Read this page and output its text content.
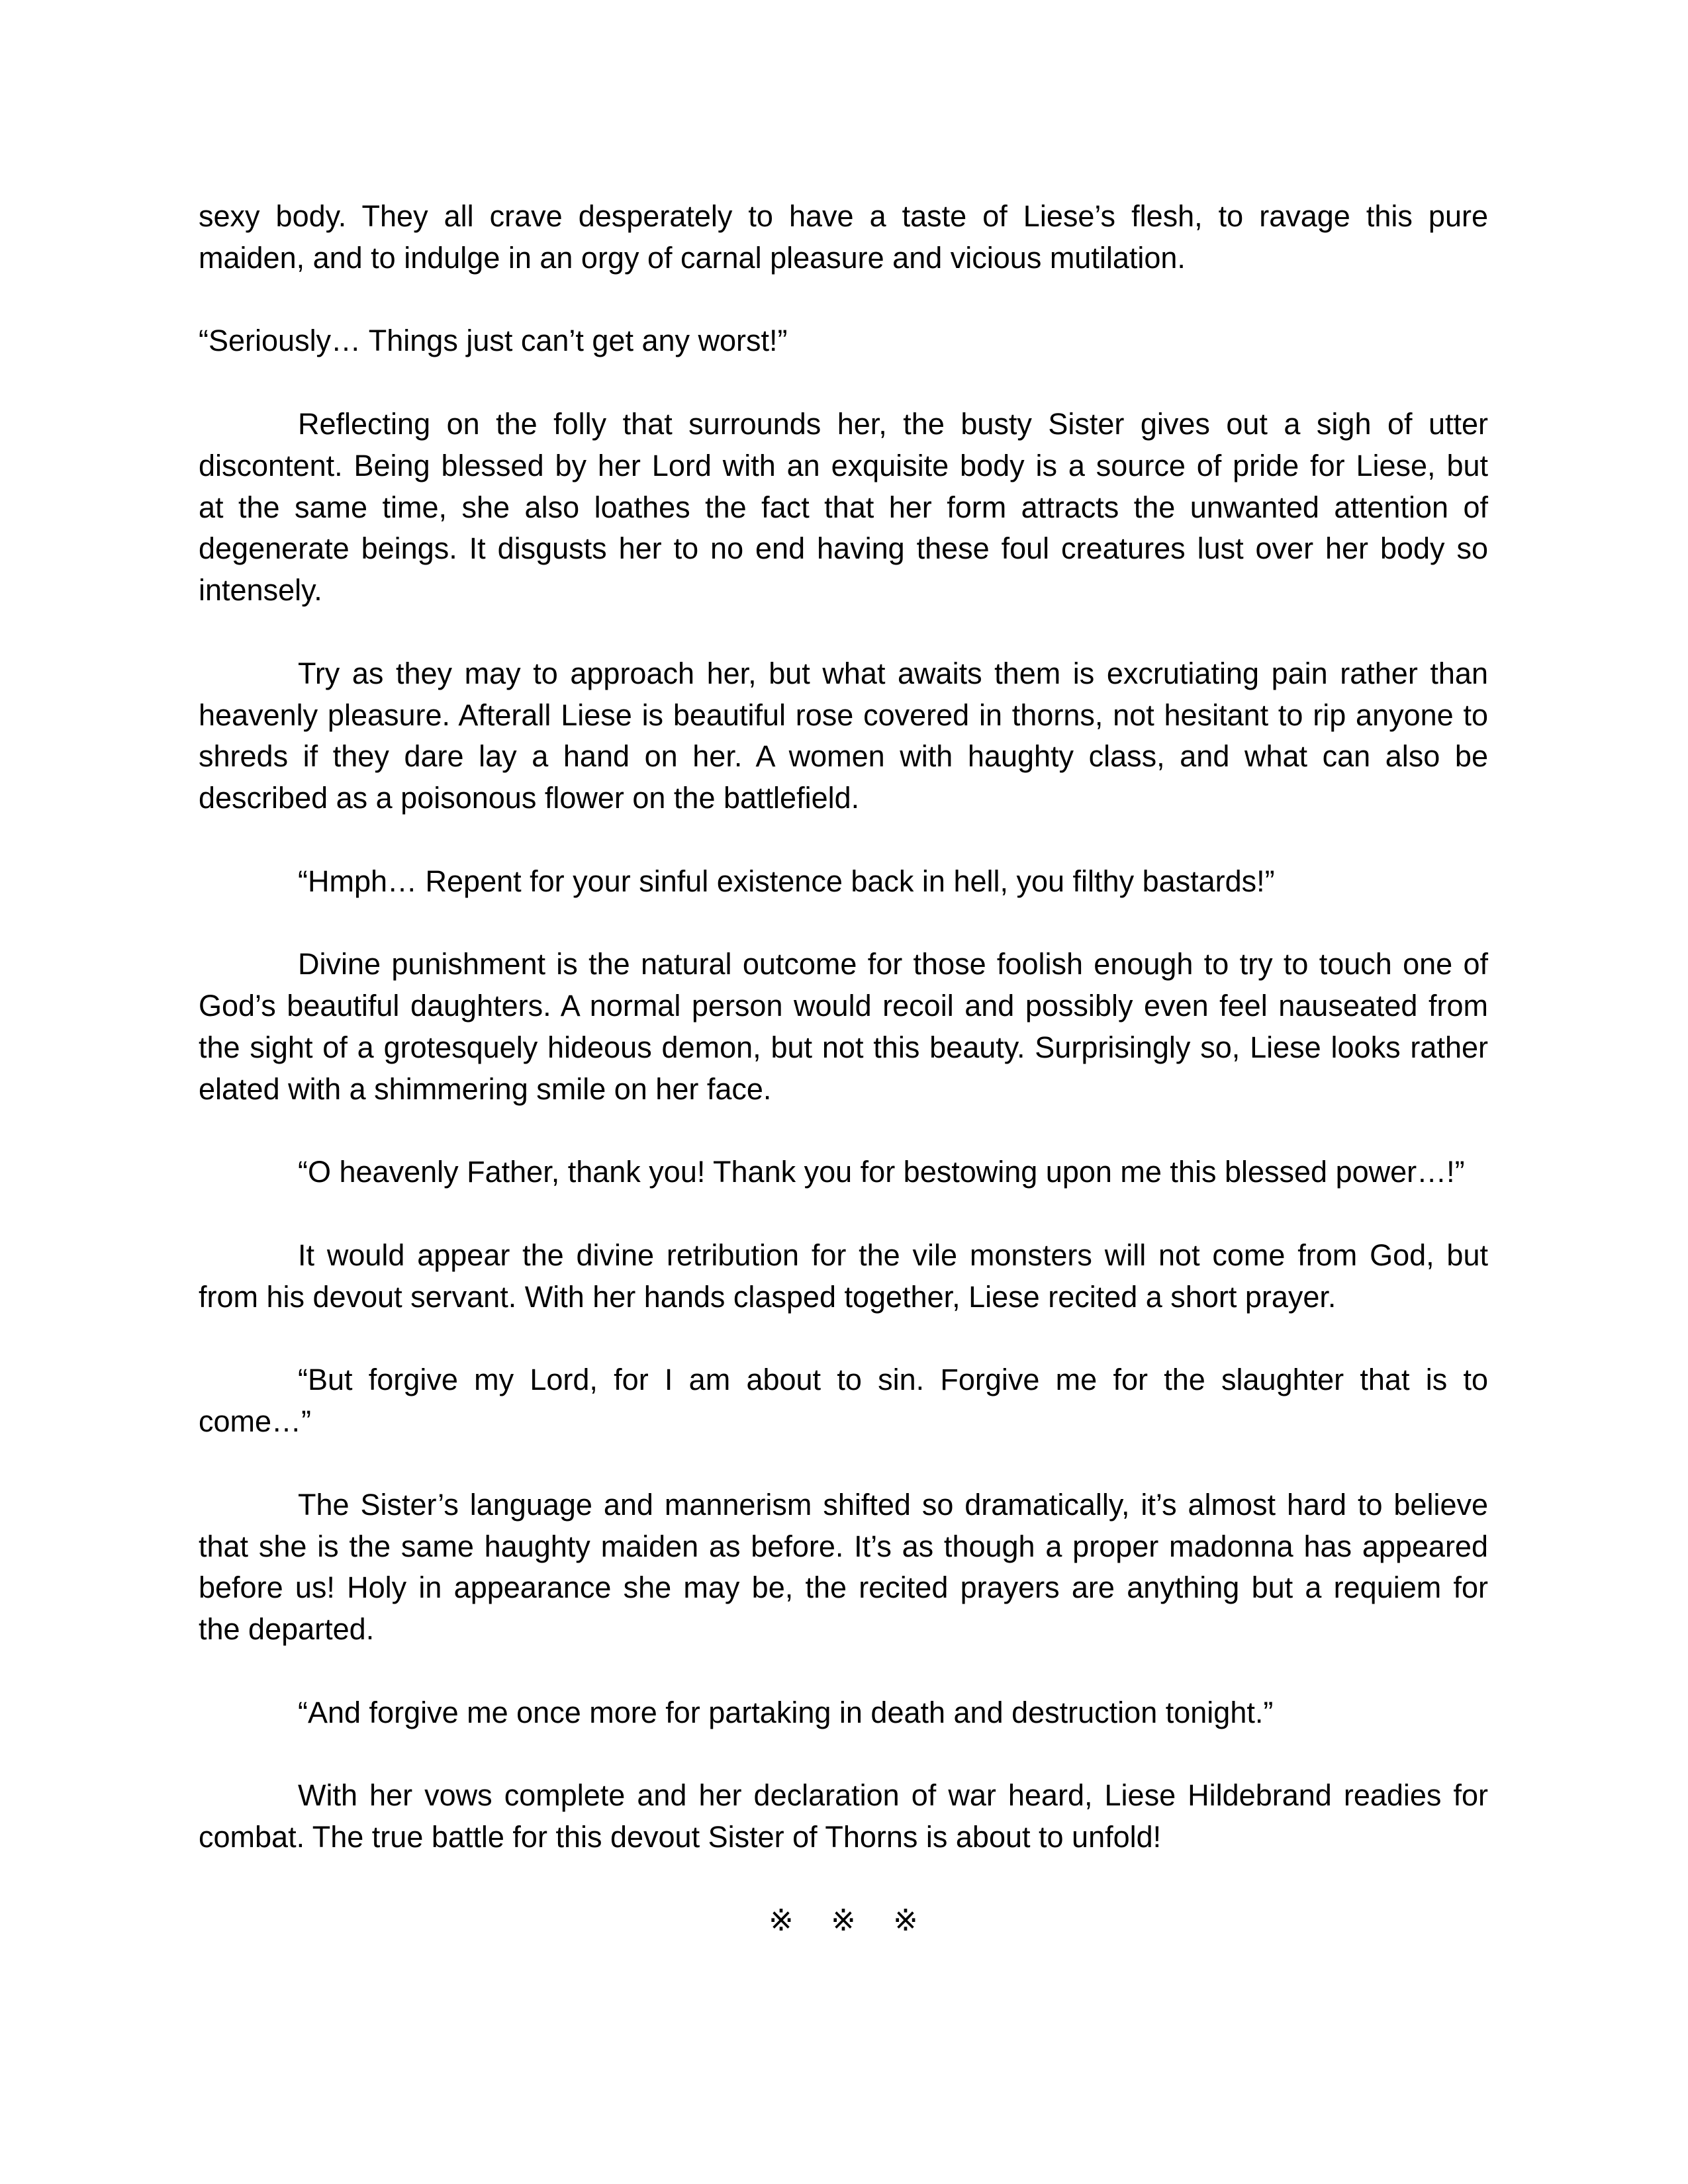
sexy body. They all crave desperately to have a taste of Liese’s flesh, to ravage this pure
maiden, and to indulge in an orgy of carnal pleasure and vicious mutilation.
“Seriously… Things just can’t get any worst!”
Reflecting on the folly that surrounds her, the busty Sister gives out a sigh of utter
discontent. Being blessed by her Lord with an exquisite body is a source of pride for Liese, but
at the same time, she also loathes the fact that her form attracts the unwanted attention of
degenerate beings. It disgusts her to no end having these foul creatures lust over her body so
intensely.
Try as they may to approach her, but what awaits them is excrutiating pain rather than
heavenly pleasure. Afterall Liese is beautiful rose covered in thorns, not hesitant to rip anyone to
shreds if they dare lay a hand on her. A women with haughty class, and what can also be
described as a poisonous flower on the battlefield.
“Hmph… Repent for your sinful existence back in hell, you filthy bastards!”
Divine punishment is the natural outcome for those foolish enough to try to touch one of
God’s beautiful daughters. A normal person would recoil and possibly even feel nauseated from
the sight of a grotesquely hideous demon, but not this beauty. Surprisingly so, Liese looks rather
elated with a shimmering smile on her face.
“O heavenly Father, thank you! Thank you for bestowing upon me this blessed power…!”
It would appear the divine retribution for the vile monsters will not come from God, but
from his devout servant. With her hands clasped together, Liese recited a short prayer.
“But forgive my Lord, for I am about to sin. Forgive me for the slaughter that is to
come…”
The Sister’s language and mannerism shifted so dramatically, it’s almost hard to believe
that she is the same haughty maiden as before. It’s as though a proper madonna has appeared
before us! Holy in appearance she may be, the recited prayers are anything but a requiem for
the departed.
“And forgive me once more for partaking in death and destruction tonight.”
With her vows complete and her declaration of war heard, Liese Hildebrand readies for
combat. The true battle for this devout Sister of Thorns is about to unfold!
※ ※ ※
